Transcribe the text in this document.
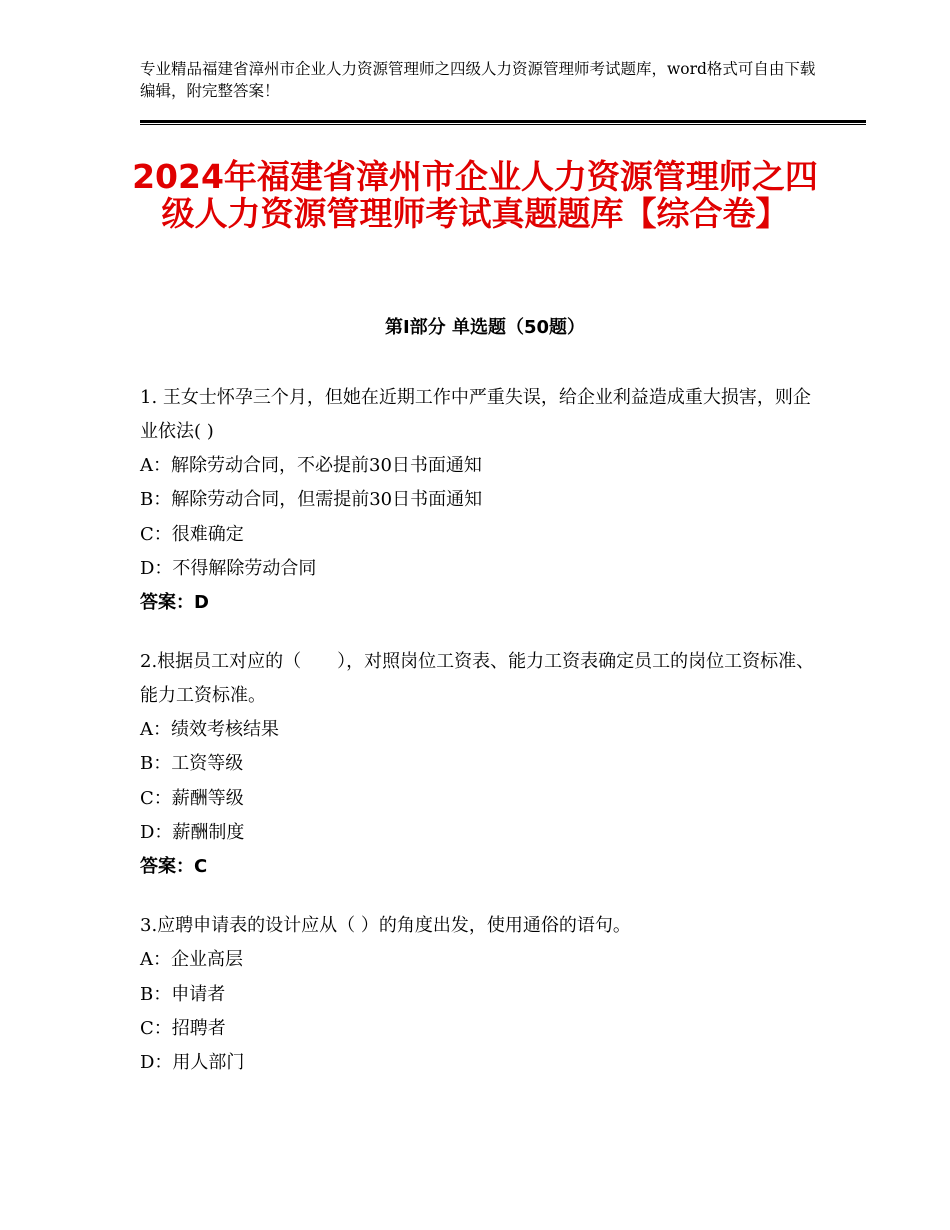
专业精品福建省漳州市企业人力资源管理师之四级人力资源管理师考试题库，word格式可自由下载编辑，附完整答案！
2024年福建省漳州市企业人力资源管理师之四级人力资源管理师考试真题题库【综合卷】
第Ⅰ部分 单选题（50题）

1. 王女士怀孕三个月，但她在近期工作中严重失误，给企业利益造成重大损害，则企业依法( )

A：解除劳动合同，不必提前30日书面通知

B：解除劳动合同，但需提前30日书面通知

C：很难确定

D：不得解除劳动合同

答案：D

2.根据员工对应的（　　），对照岗位工资表、能力工资表确定员工的岗位工资标准、能力工资标准。

A：绩效考核结果

B：工资等级

C：薪酬等级

D：薪酬制度

答案：C

3.应聘申请表的设计应从（ ）的角度出发，使用通俗的语句。

A：企业高层

B：申请者

C：招聘者

D：用人部门
